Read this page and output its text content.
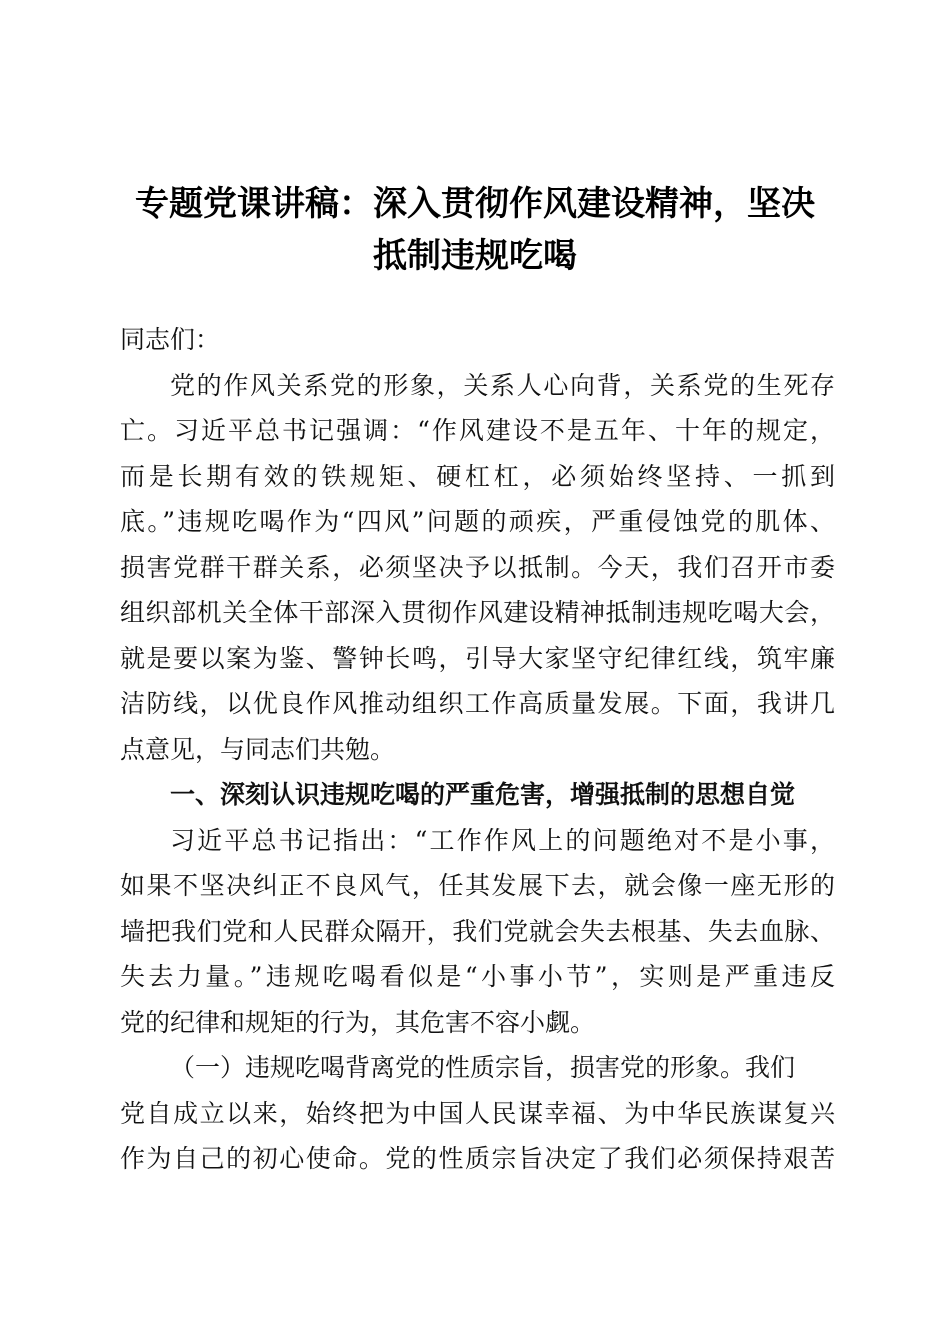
专题党课讲稿：深入贯彻作风建设精神，坚决
抵制违规吃喝
同志们：
党的作风关系党的形象，关系人心向背，关系党的生死存
亡。习近平总书记强调：“作风建设不是五年、十年的规定，
而是长期有效的铁规矩、硬杠杠，必须始终坚持、一抓到
底。”违规吃喝作为“四风”问题的顽疾，严重侵蚀党的肌体、
损害党群干群关系，必须坚决予以抵制。今天，我们召开市委
组织部机关全体干部深入贯彻作风建设精神抵制违规吃喝大会，
就是要以案为鉴、警钟长鸣，引导大家坚守纪律红线，筑牢廉
洁防线，以优良作风推动组织工作高质量发展。下面，我讲几
点意见，与同志们共勉。
一、深刻认识违规吃喝的严重危害，增强抵制的思想自觉
习近平总书记指出：“工作作风上的问题绝对不是小事，
如果不坚决纠正不良风气，任其发展下去，就会像一座无形的
墙把我们党和人民群众隔开，我们党就会失去根基、失去血脉、
失去力量。”违规吃喝看似是“小事小节”，实则是严重违反
党的纪律和规矩的行为，其危害不容小觑。
（一）违规吃喝背离党的性质宗旨，损害党的形象。我们
党自成立以来，始终把为中国人民谋幸福、为中华民族谋复兴
作为自己的初心使命。党的性质宗旨决定了我们必须保持艰苦
